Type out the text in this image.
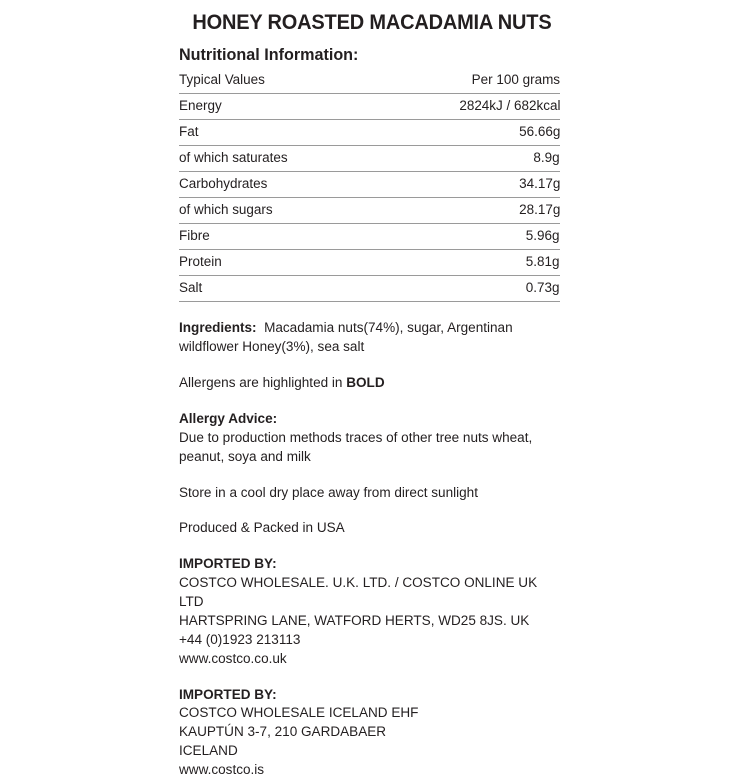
HONEY ROASTED MACADAMIA NUTS
Nutritional Information:
Typical Values	Per 100 grams
Energy	2824kJ / 682kcal
Fat	56.66g
of which saturates	8.9g
Carbohydrates	34.17g
of which sugars	28.17g
Fibre	5.96g
Protein	5.81g
Salt	0.73g

Ingredients: Macadamia nuts(74%), sugar, Argentinan wildflower Honey(3%), sea salt

Allergens are highlighted in BOLD

Allergy Advice:

Due to production methods traces of other tree nuts wheat, peanut, soya and milk

Store in a cool dry place away from direct sunlight

Produced & Packed in USA

IMPORTED BY:

COSTCO WHOLESALE. U.K. LTD. / COSTCO ONLINE UK LTD

HARTSPRING LANE, WATFORD HERTS, WD25 8JS. UK

+44 (0)1923 213113

www.costco.co.uk

IMPORTED BY:

COSTCO WHOLESALE ICELAND EHF

KAUPTÚN 3-7, 210 GARDABAER

ICELAND

www.costco.is
